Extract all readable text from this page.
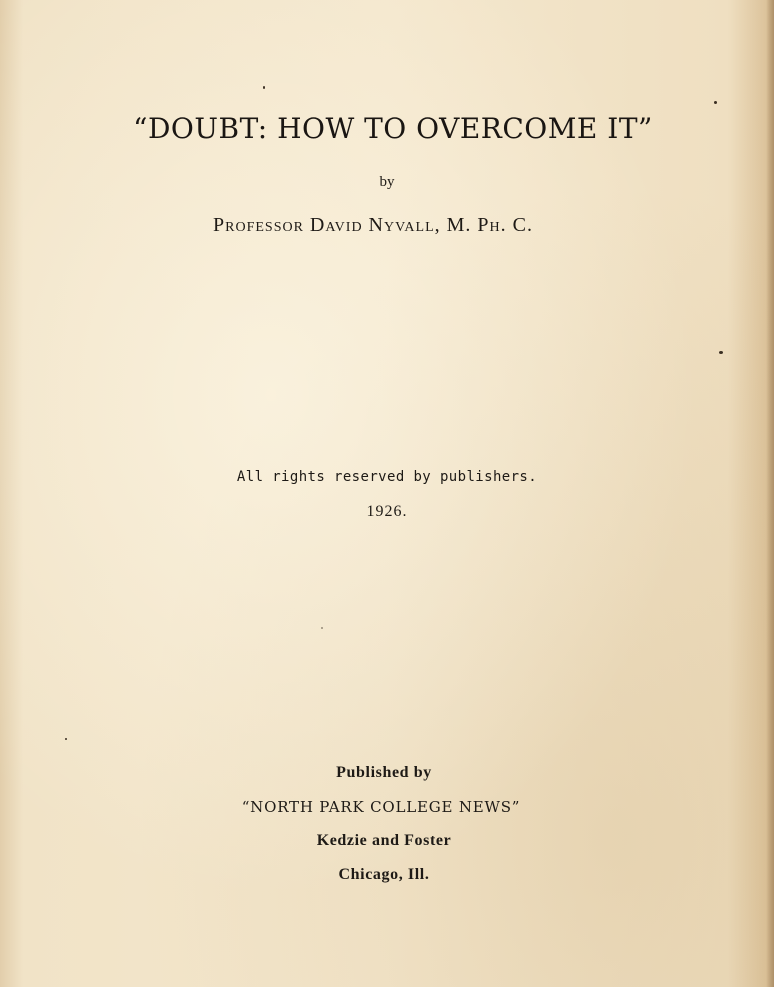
“DOUBT: HOW TO OVERCOME IT”
by
Professor David Nyvall, M. Ph. C.
All rights reserved by publishers.
1926.
Published by
“NORTH PARK COLLEGE NEWS”
Kedzie and Foster
Chicago, Ill.
